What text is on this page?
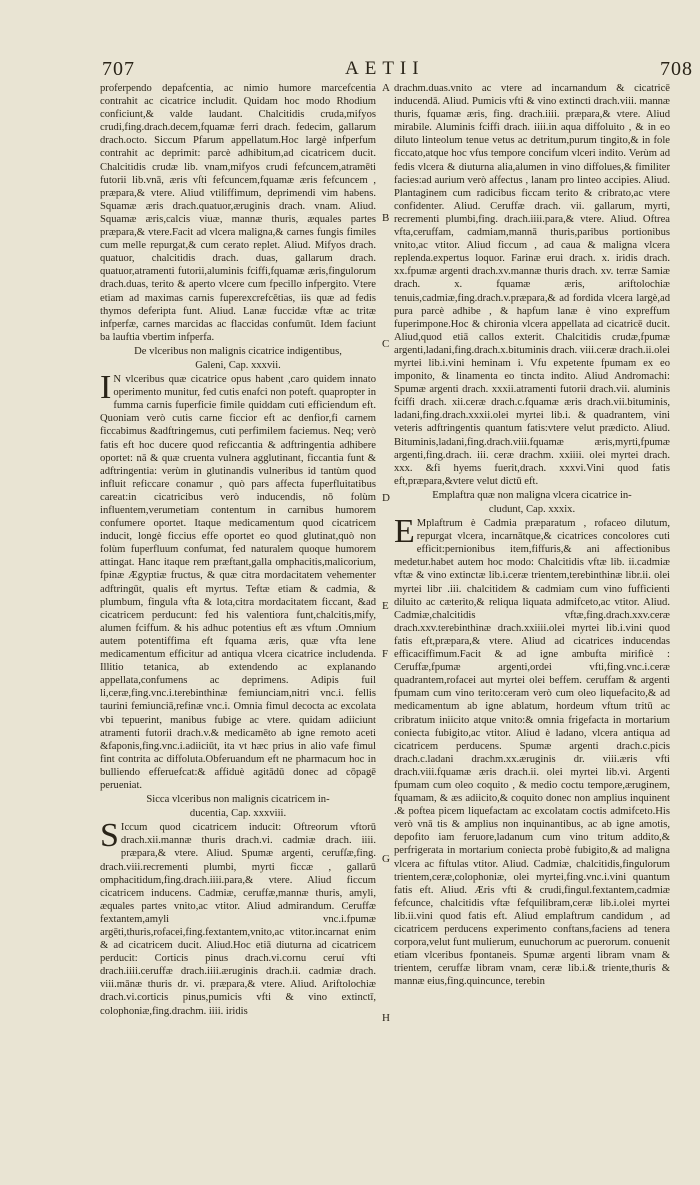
707	AETII	708
A
B
C
D
E
F
G
H

proferpendo depafcentia, ac nimio humore marcefcentia contrahit ac cicatrice includit. Quidam hoc modo Rhodium conficiunt,& valde laudant. Chalcitidis cruda,mifyos crudi,fing.drach.decem,fquamæ ferri drach. fedecim, gallarum drach.octo. Siccum Pfarum appellatum.Hoc largè infperfum contrahit ac deprimit: parcè adhibitum,ad cicatricem ducit. Chalcitidis crudæ lib. vnam,mifyos crudi fefcuncem,atramēti futorii lib.vnā, æris vſti fefcuncem,fquamæ æris fefcuncem , præpara,& vtere. Aliud vtiliffimum, deprimendi vim habens. Squamæ æris drach.quatuor,æruginis drach. vnam. Aliud. Squamæ æris,calcis viuæ, mannæ thuris, æquales partes præpara,& vtere.Facit ad vlcera maligna,& carnes fungis fimiles cum melle repurgat,& cum cerato replet. Aliud. Mifyos drach. quatuor, chalcitidis drach. duas, gallarum drach. quatuor,atramenti futorii,aluminis fciffi,fquamæ æris,fingulorum drach.duas, terito & aperto vlcere cum fpecillo infpergito. Vtere etiam ad maximas carnis fuperexcrefcētias, iis quæ ad fedis thymos deferipta funt. Aliud. Lanæ fuccidæ vftæ ac tritæ infperfæ, carnes marcidas ac flaccidas confumūt. Idem faciunt ba lauftia vbertim infperfa.

De vlceribus non malignis cicatrice indigentibus,
Galeni, Cap. xxxvii.

I N vlceribus quæ cicatrice opus habent ,caro quidem innato operimento munitur, fed cutis enafci non poteft. quapropter in fumma carnis fuperficie fimile quiddam cuti efficiendum eft. Quoniam verò cutis carne ficcior eft ac denfior,fi carnem ficcabimus &adftringemus, cuti perfimilem faciemus. Neq; verò fatis eft hoc ducere quod reficcantia & adftringentia adhibere oportet: nā & quæ cruenta vulnera agglutinant, ficcantia funt & adftringentia: verùm in glutinandis vulneribus id tantùm quod influit reficcare conamur , quò pars affecta fuperfluitatibus careat:in cicatricibus verò inducendis, nō folùm influentem,verumetiam contentum in carnibus humorem confumere oportet. Itaque medicamentum quod cicatricem inducit, longè ficcius effe oportet eo quod glutinat,quò non folùm fuperfluum confumat, fed naturalem quoque humorem attingat. Hanc itaque rem præftant,galla omphacitis,malicorium, fpinæ Ægyptiæ fructus, & quæ citra mordacitatem vehementer adftringūt, qualis eft myrtus. Teftæ etiam & cadmia, & plumbum, fingula vfta & lota,citra mordacitatem ficcant, &ad cicatricem perducunt: fed his valentiora funt,chalcitis,mify, alumen fciffum. & his adhuc potentius eft æs vftum .Omnium autem potentiffima eft fquama æris, quæ vfta lene medicamentum efficitur ad antiqua vlcera cicatrice includenda. Illitio tetanica, ab extendendo ac explanando appellata,confumens ac deprimens. Adipis fuil li,ceræ,fing.vnc.i.terebinthinæ femiunciam,nitri vnc.i. fellis taurini femiunciā,refinæ vnc.i. Omnia fimul decocta ac excolata vbi tepuerint, manibus fubige ac vtere. quidam adiiciunt atramenti futorii drach.v.& medicamēto ab igne remoto aceti &faponis,fing.vnc.i.adiiciūt, ita vt hæc prius in alio vafe fimul fint contrita ac diffoluta.Obferuandum eft ne pharmacum hoc in bulliendo efferuefcat:& affiduè agitādū donec ad cōpagē perueniat.

Sicca vlceribus non malignis cicatricem in-
ducentia, Cap. xxxviii.

S Iccum quod cicatricem inducit: Oftreorum vftorū drach.xii.mannæ thuris drach.vi. cadmiæ drach. iiii. præpara,& vtere. Aliud. Spumæ argenti, cerufſæ,fing. drach.viii.recrementi plumbi, myrti ficcæ , gallarū omphacitidum,fing.drach.iiii.para,& vtere. Aliud ficcum cicatricem inducens. Cadmiæ, ceruffæ,mannæ thuris, amyli, æquales partes vnito,ac vtitor. Aliud admirandum. Ceruffæ fextantem,amyli vnc.i.fpumæ argēti,thuris,rofacei,fing.fextantem,vnito,ac vtitor.incarnat enim & ad cicatricem ducit. Aliud.Hoc etiā diuturna ad cicatricem perducit: Corticis pinus drach.vi.cornu ceruí vfti drach.iiii.ceruffæ drach.iiii.æruginis drach.ii. cadmiæ drach. viii.mānæ thuris dr. vi. præpara,& vtere. Aliud. Ariftolochiæ drach.vi.corticis pinus,pumicis vfti & vino extinctī, colophoniæ,fing.drachm. iiii. iridis

drachm.duas.vnito ac vtere ad incarnandum & cicatricē inducendā. Aliud. Pumicis vfti & vino extincti drach.viii. mannæ thuris, fquamæ æris, fing. drach.iiii. præpara,& vtere. Aliud mirabile. Aluminis fciffi drach. iiii.in aqua diffoluito , & in eo diluto linteolum tenue vetus ac detritum,purum tingito,& in fole ficcato,atque hoc vfus tempore concifum vlceri indito. Verùm ad fedis vlcera & diuturna alia,alumen in vino diffolues,& fimiliter facies:ad aurium verò affectus , lanam pro linteo accipies. Aliud. Plantaginem cum radicibus ficcam terito & cribrato,ac vtere confidenter. Aliud. Ceruffæ drach. vii. gallarum, myrti, recrementi plumbi,fing. drach.iiii.para,& vtere. Aliud. Oftrea vfta,ceruffam, cadmiam,mannā thuris,paribus portionibus vnito,ac vtitor. Aliud ficcum , ad caua & maligna vlcera replenda.expertus loquor. Farinæ erui drach. x. iridis drach. xx.fpumæ argenti drach.xv.mannæ thuris drach. xv. terræ Samiæ drach. x. fquamæ æris, ariftolochiæ tenuis,cadmiæ,fing.drach.v.præpara,& ad fordida vlcera largè,ad pura parcè adhibe , & hapfum lanæ è vino expreffum fuperimpone.Hoc & chironia vlcera appellata ad cicatricē ducit. Aliud,quod etiā callos exterit. Chalcitidis crudæ,fpumæ argenti,ladani,fing.drach.x.bituminis drach. viii.ceræ drach.ii.olei myrtei lib.i.vini heminam i. Vfu expetente fpumam ex eo imponito, & linamenta eo tincta indito. Aliud Andromachi: Spumæ argenti drach. xxxii.atramenti futorii drach.vii. aluminis fciffi drach. xii.ceræ drach.c.fquamæ æris drach.vii.bituminis, ladani,fing.drach.xxxii.olei myrtei lib.i. & quadrantem, vini veteris adftringentis quantum fatis:vtere velut prædicto. Aliud. Bituminis,ladani,fing.drach.viii.fquamæ æris,myrti,fpumæ argenti,fing.drach. iii. ceræ drachm. xxiiii. olei myrtei drach. xxx. &fi hyems fuerit,drach. xxxvi.Vini quod fatis eft,præpara,&vtere velut dictū eft.

Emplaftra quæ non maligna vlcera cicatrice in-
cludunt, Cap. xxxix.

E Mplaftrum è Cadmia præparatum , rofaceo dilutum, repurgat vlcera, incarnātque,& cicatrices concolores cuti efficit:pernionibus item,fiffuris,& ani affectionibus medetur.habet autem hoc modo: Chalcitidis vftæ lib. ii.cadmiæ vftæ & vino extinctæ lib.i.ceræ trientem,terebinthinæ libr.ii. olei myrtei libr .iii. chalcitidem & cadmiam cum vino fufficienti diluito ac cæterito,& reliqua liquata admifceto,ac vtitor. Aliud. Cadmiæ,chalcitidis vftæ,fing.drach.xxv.ceræ drach.xxv.terebinthinæ drach.xxiiii.olei myrtei lib.i.vini quod fatis eft,præpara,& vtere. Aliud ad cicatrices inducendas efficaciffimum.Facit & ad igne ambufta mirificè : Ceruffæ,fpumæ argenti,ordei vfti,fing.vnc.i.ceræ quadrantem,rofacei aut myrtei olei beffem. ceruffam & argenti fpumam cum vino teritoːceram verò cum oleo liquefacito,& ad medicamentum ab igne ablatum, hordeum vftum tritū ac cribratum iniicito atque vnito:& omnia frigefacta in mortarium coniecta fubigito,ac vtitor. Aliud è ladano, vlcera antiqua ad cicatricem perducens. Spumæ argenti drach.c.picis drach.c.ladani drachm.xx.æruginis dr. viii.æris vfti drach.viii.fquamæ æris drach.ii. olei myrtei lib.vi. Argenti fpumam cum oleo coquito , & medio coctu tempore,æruginem, fquamam, & æs adiicito,& coquito donec non amplius inquinent .& poftea picem liquefactam ac excolatam coctis admifceto.His verò vnā tis & amplius non inquinantibus, ac ab igne amotis, depofito iam feruore,ladanum cum vino tritum addito,& perfrigerata in mortarium coniecta probè fubigito,& ad maligna vlcera ac fiftulas vtitor. Aliud. Cadmiæ, chalcitidis,fingulorum trientem,ceræ,colophoniæ, olei myrtei,fing.vnc.i.vini quantum fatis eft. Aliud. Æris vfti & crudi,fingul.fextantem,cadmiæ fefcunce, chalcitidis vftæ fefquilibram,ceræ lib.i.olei myrtei lib.ii.vini quod fatis eft. Aliud emplaftrum candidum , ad cicatricem perducens experimento conftans,faciens ad tenera corpora,velut funt mulierum, eunuchorum ac puerorum. conuenit etiam vlceribus fpontaneis. Spumæ argenti libram vnam & trientem, ceruffæ libram vnam, ceræ lib.i.& triente,thuris & mannæ eius,fing.quincunce, terebin
